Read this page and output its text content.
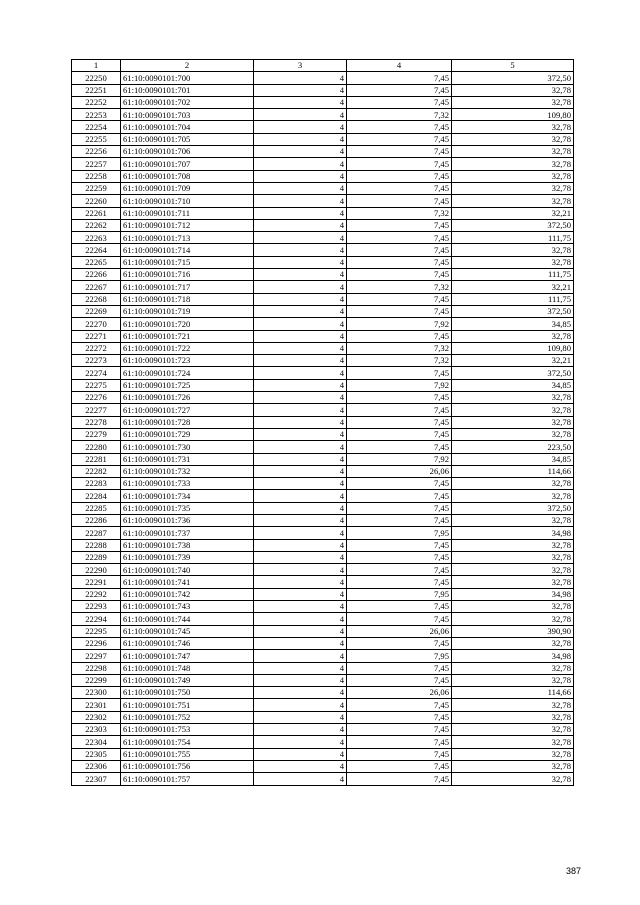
1	2	3	4	5
22250	61:10:0090101:700	4	7,45	372,50
22251	61:10:0090101:701	4	7,45	32,78
22252	61:10:0090101:702	4	7,45	32,78
22253	61:10:0090101:703	4	7,32	109,80
22254	61:10:0090101:704	4	7,45	32,78
22255	61:10:0090101:705	4	7,45	32,78
22256	61:10:0090101:706	4	7,45	32,78
22257	61:10:0090101:707	4	7,45	32,78
22258	61:10:0090101:708	4	7,45	32,78
22259	61:10:0090101:709	4	7,45	32,78
22260	61:10:0090101:710	4	7,45	32,78
22261	61:10:0090101:711	4	7,32	32,21
22262	61:10:0090101:712	4	7,45	372,50
22263	61:10:0090101:713	4	7,45	111,75
22264	61:10:0090101:714	4	7,45	32,78
22265	61:10:0090101:715	4	7,45	32,78
22266	61:10:0090101:716	4	7,45	111,75
22267	61:10:0090101:717	4	7,32	32,21
22268	61:10:0090101:718	4	7,45	111,75
22269	61:10:0090101:719	4	7,45	372,50
22270	61:10:0090101:720	4	7,92	34,85
22271	61:10:0090101:721	4	7,45	32,78
22272	61:10:0090101:722	4	7,32	109,80
22273	61:10:0090101:723	4	7,32	32,21
22274	61:10:0090101:724	4	7,45	372,50
22275	61:10:0090101:725	4	7,92	34,85
22276	61:10:0090101:726	4	7,45	32,78
22277	61:10:0090101:727	4	7,45	32,78
22278	61:10:0090101:728	4	7,45	32,78
22279	61:10:0090101:729	4	7,45	32,78
22280	61:10:0090101:730	4	7,45	223,50
22281	61:10:0090101:731	4	7,92	34,85
22282	61:10:0090101:732	4	26,06	114,66
22283	61:10:0090101:733	4	7,45	32,78
22284	61:10:0090101:734	4	7,45	32,78
22285	61:10:0090101:735	4	7,45	372,50
22286	61:10:0090101:736	4	7,45	32,78
22287	61:10:0090101:737	4	7,95	34,98
22288	61:10:0090101:738	4	7,45	32,78
22289	61:10:0090101:739	4	7,45	32,78
22290	61:10:0090101:740	4	7,45	32,78
22291	61:10:0090101:741	4	7,45	32,78
22292	61:10:0090101:742	4	7,95	34,98
22293	61:10:0090101:743	4	7,45	32,78
22294	61:10:0090101:744	4	7,45	32,78
22295	61:10:0090101:745	4	26,06	390,90
22296	61:10:0090101:746	4	7,45	32,78
22297	61:10:0090101:747	4	7,95	34,98
22298	61:10:0090101:748	4	7,45	32,78
22299	61:10:0090101:749	4	7,45	32,78
22300	61:10:0090101:750	4	26,06	114,66
22301	61:10:0090101:751	4	7,45	32,78
22302	61:10:0090101:752	4	7,45	32,78
22303	61:10:0090101:753	4	7,45	32,78
22304	61:10:0090101:754	4	7,45	32,78
22305	61:10:0090101:755	4	7,45	32,78
22306	61:10:0090101:756	4	7,45	32,78
22307	61:10:0090101:757	4	7,45	32,78
387
